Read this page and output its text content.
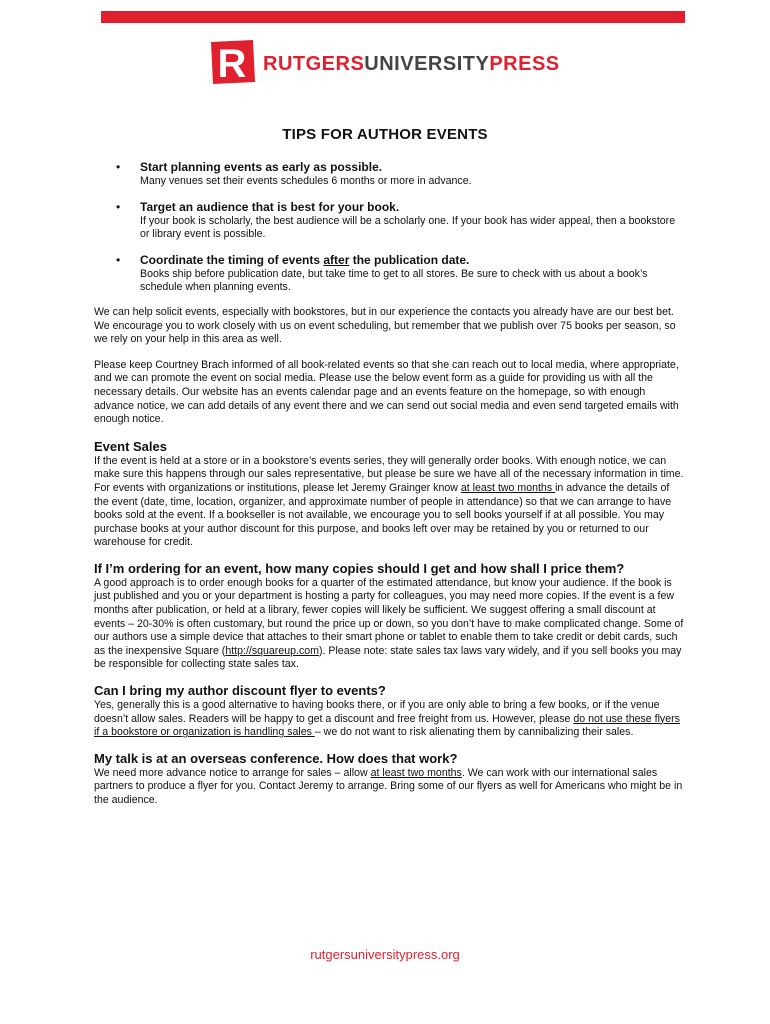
R RUTGERSUNIVERSITYPRESS
TIPS FOR AUTHOR EVENTS
• Start planning events as early as possible.
Many venues set their events schedules 6 months or more in advance.
• Target an audience that is best for your book.
If your book is scholarly, the best audience will be a scholarly one. If your book has wider appeal, then a bookstore or library event is possible.
• Coordinate the timing of events after the publication date.
Books ship before publication date, but take time to get to all stores. Be sure to check with us about a book’s schedule when planning events.

We can help solicit events, especially with bookstores, but in our experience the contacts you already have are our best bet. We encourage you to work closely with us on event scheduling, but remember that we publish over 75 books per season, so we rely on your help in this area as well.

Please keep Courtney Brach informed of all book-related events so that she can reach out to local media, where appropriate, and we can promote the event on social media. Please use the below event form as a guide for providing us with all the necessary details. Our website has an events calendar page and an events feature on the homepage, so with enough advance notice, we can add details of any event there and we can send out social media and even send targeted emails with enough notice.

Event Sales
If the event is held at a store or in a bookstore’s events series, they will generally order books. With enough notice, we can make sure this happens through our sales representative, but please be sure we have all of the necessary information in time. For events with organizations or institutions, please let Jeremy Grainger know at least two months in advance the details of the event (date, time, location, organizer, and approximate number of people in attendance) so that we can arrange to have books sold at the event. If a bookseller is not available, we encourage you to sell books yourself if at all possible. You may purchase books at your author discount for this purpose, and books left over may be retained by you or returned to our warehouse for credit.
If I’m ordering for an event, how many copies should I get and how shall I price them?
A good approach is to order enough books for a quarter of the estimated attendance, but know your audience. If the book is just published and you or your department is hosting a party for colleagues, you may need more copies. If the event is a few months after publication, or held at a library, fewer copies will likely be sufficient. We suggest offering a small discount at events – 20-30% is often customary, but round the price up or down, so you don’t have to make complicated change. Some of our authors use a simple device that attaches to their smart phone or tablet to enable them to take credit or debit cards, such as the inexpensive Square (http://squareup.com). Please note: state sales tax laws vary widely, and if you sell books you may be responsible for collecting state sales tax.
Can I bring my author discount flyer to events?
Yes, generally this is a good alternative to having books there, or if you are only able to bring a few books, or if the venue doesn’t allow sales. Readers will be happy to get a discount and free freight from us. However, please do not use these flyers if a bookstore or organization is handling sales – we do not want to risk alienating them by cannibalizing their sales.
My talk is at an overseas conference. How does that work?
We need more advance notice to arrange for sales – allow at least two months. We can work with our international sales partners to produce a flyer for you. Contact Jeremy to arrange. Bring some of our flyers as well for Americans who might be in the audience.
rutgersuniversitypress.org
